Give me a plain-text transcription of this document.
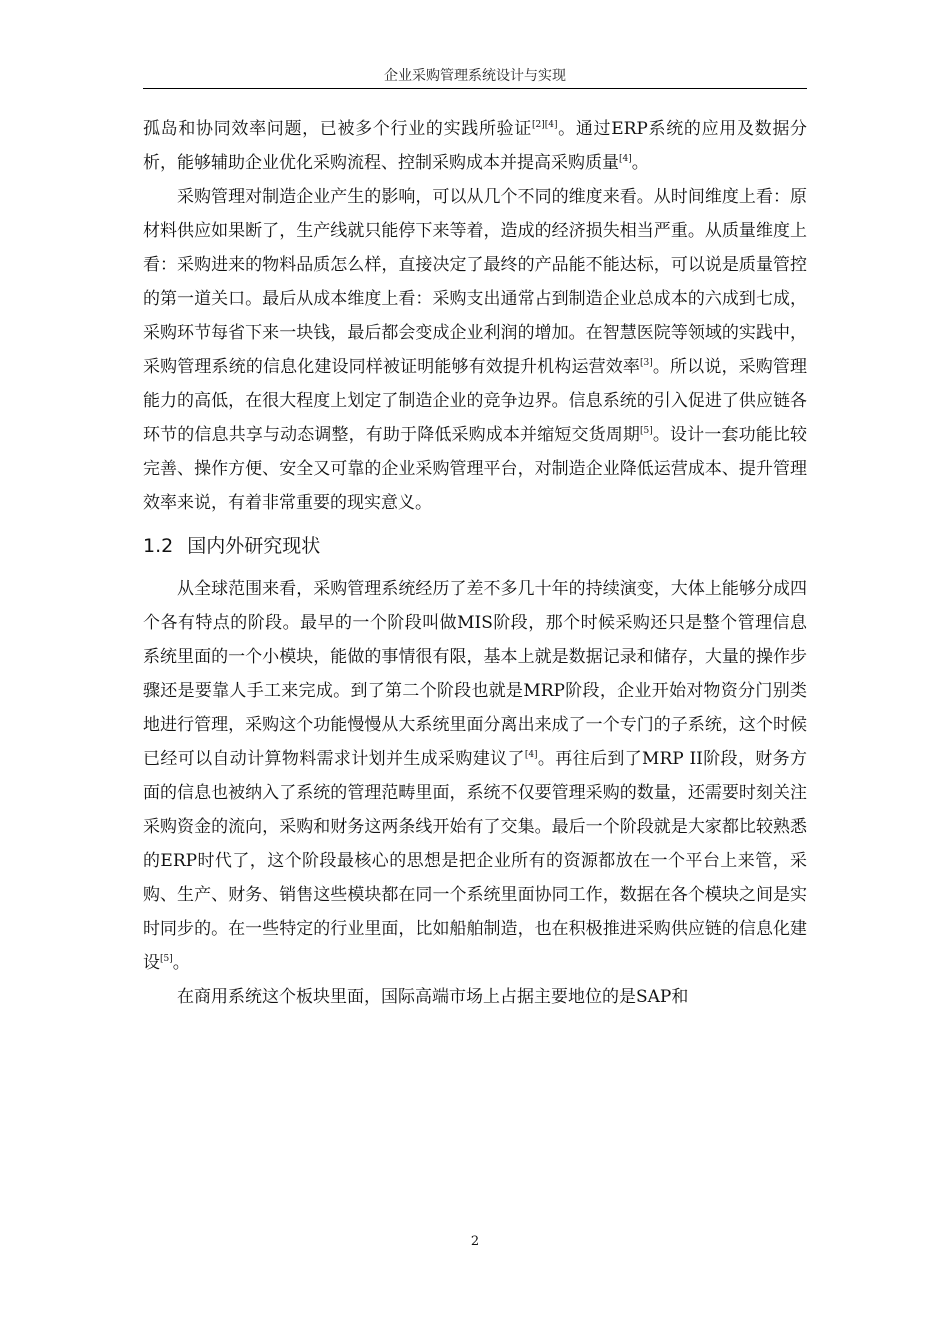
企业采购管理系统设计与实现

孤岛和协同效率问题，已被多个行业的实践所验证[2][4]。通过ERP系统的应用及数据分析，能够辅助企业优化采购流程、控制采购成本并提高采购质量[4]。

采购管理对制造企业产生的影响，可以从几个不同的维度来看。从时间维度上看：原材料供应如果断了，生产线就只能停下来等着，造成的经济损失相当严重。从质量维度上看：采购进来的物料品质怎么样，直接决定了最终的产品能不能达标，可以说是质量管控的第一道关口。最后从成本维度上看：采购支出通常占到制造企业总成本的六成到七成，采购环节每省下来一块钱，最后都会变成企业利润的增加。在智慧医院等领域的实践中，采购管理系统的信息化建设同样被证明能够有效提升机构运营效率[3]。所以说，采购管理能力的高低，在很大程度上划定了制造企业的竞争边界。信息系统的引入促进了供应链各环节的信息共享与动态调整，有助于降低采购成本并缩短交货周期[5]。设计一套功能比较完善、操作方便、安全又可靠的企业采购管理平台，对制造企业降低运营成本、提升管理效率来说，有着非常重要的现实意义。

1.2 国内外研究现状

从全球范围来看，采购管理系统经历了差不多几十年的持续演变，大体上能够分成四个各有特点的阶段。最早的一个阶段叫做MIS阶段，那个时候采购还只是整个管理信息系统里面的一个小模块，能做的事情很有限，基本上就是数据记录和储存，大量的操作步骤还是要靠人手工来完成。到了第二个阶段也就是MRP阶段，企业开始对物资分门别类地进行管理，采购这个功能慢慢从大系统里面分离出来成了一个专门的子系统，这个时候已经可以自动计算物料需求计划并生成采购建议了[4]。再往后到了MRP II阶段，财务方面的信息也被纳入了系统的管理范畴里面，系统不仅要管理采购的数量，还需要时刻关注采购资金的流向，采购和财务这两条线开始有了交集。最后一个阶段就是大家都比较熟悉的ERP时代了，这个阶段最核心的思想是把企业所有的资源都放在一个平台上来管，采购、生产、财务、销售这些模块都在同一个系统里面协同工作，数据在各个模块之间是实时同步的。在一些特定的行业里面，比如船舶制造，也在积极推进采购供应链的信息化建设[5]。

在商用系统这个板块里面，国际高端市场上占据主要地位的是SAP和

2
